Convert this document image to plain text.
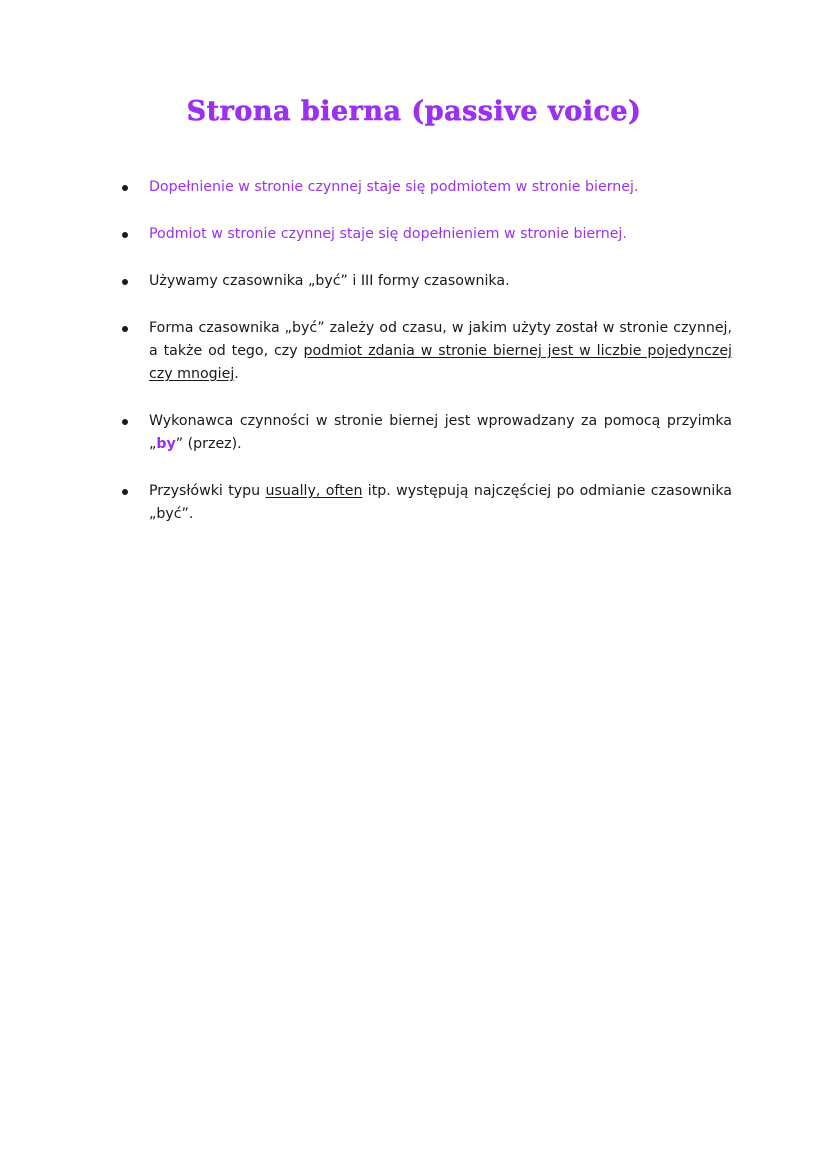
Strona bierna (passive voice)
Dopełnienie w stronie czynnej staje się podmiotem w stronie biernej.
Podmiot w stronie czynnej staje się dopełnieniem w stronie biernej.
Używamy czasownika „być” i III formy czasownika.
Forma czasownika „być” zależy od czasu, w jakim użyty został w stronie czynnej, a także od tego, czy podmiot zdania w stronie biernej jest w liczbie pojedynczej czy mnogiej.
Wykonawca czynności w stronie biernej jest wprowadzany za pomocą przyimka „by” (przez).
Przysłówki typu usually, often itp. występują najczęściej po odmianie czasownika „być”.
